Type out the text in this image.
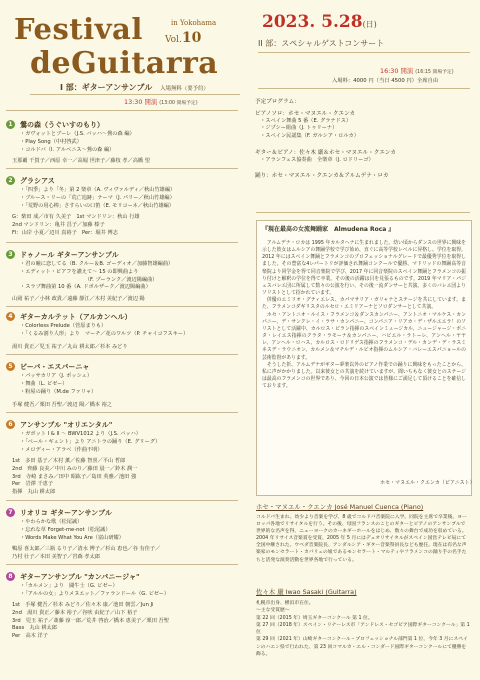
Festival
deGuitarra
in Yokohama
Vol.10
2023. 5.28(日)
II 部：スペシャルゲストコンサート
16:30 開演 (16:15 開場予定)
入場料：4000 円（当日 4500 円）全席自由
I 部：ギターアンサンブル　 入場無料（要予約）
13:30 開演 (13:00 開場予定)
1	鶯の森（うぐいすのもり）
・ガヴォットとブーレ（J.S. バッハ～鶯の森 編）
・Play Song（中村啓武）
・コルドバ（I. アルベニス～鶯の森 編）
玉那覇 千賀子／西原 幸一／高堀 世津子／藤枝 孝／高橋 望
2	グラシアス
・「四季」より「冬」第 2 楽章（A. ヴィヴァルディ／秋山竹雄編）
・ブルース・リーの「荒亡追跡」テーマ（J. パリー／秋山竹雄編）
・「荒野の用心棒」さすらいの口笛（E. モリコーネ／秋山竹雄編）
G：柴田 成／市有 久美子　1st マンドリン：秋山 行雄
2nd マンドリン：亀井 昌子／加藤 榛子
Fl：山岸 小夏／辺川 真裕子　Per：堀井 博志
3	ドゥノール ギターアンサンブル
・君の瞳に恋してる（B. クルー＆B. ゴーディオ／加藤智雄編曲）
・エディット・ピアフを讃えて～ 15 の即興曲より
　　　　　　　　　　　　　（F. プーランク／渡辺陽編曲）
・スラブ舞曲第 10 番（A. ドボルザーク／渡辺陽編曲）
山岡 祐子／小林 政貴／遠藤 靜江／木村 美紀子／渡辺 陽
4	ギターカルテット（アルカンヘル）
・Colorless Prelude（菅原まりも）
・「くるみ割り人形」より　マーチ／花のワルツ（P. チャイコフスキー）
湯川 貴正／児玉 祐子／丸山 耕太郎／杉本 みどり
5	ビーバ・エスパーニャ
・パッサカリア（J. ポッシュ）
・舞曲（L. ピゼー）
・粉屋の踊り（M.de ファリャ）
手塚 健吾／栗田 吾聖／渡辺 陽／橋本 裕之
6	アンサンブル "オリエンタル"
・ガボット I & II ～ BWV1012 より（J.S. バッハ）
・「ペール・ギュント」より アニトラの踊り（E. グリーグ）
・メロディー・アラベ（作曲不明）
1st　多田 基子／木村 薫／佐藤 智喜／平山 哲郎
2nd　齊藤 良美／中川 みのり／藤田 晨一／鈴木 潤一
3rd　寺崎 まさみ／田中 昭紘子／島田 英雅／池田 強
Per　岩澤 千恵子
指揮　丸山 耕太郎
7	リオリコ ギターアンサンブル
・やわらかな歌（松尾誠）
・忘れな草 Forget-me-not（松尾誠）
・Words Make What You Are（富山研耀）
鴨原 喜太郎／三瓶 るり子／清水 博子／杉山 恵也／谷 有佳子／
乃村 壮子／本田 美智子／宮森 孝太郎
8	ギターアンサンブル "カンパニージャ"
・「カルメン」より　闘牛士（G. ビゼー）
・「アルルの女」よりメヌエット／ファランドール（G. ビゼー）
1st　手塚 健吾／杉本 みどり／佐々木 康／池田 朝雲／Jun Ji
2nd　湯川 貴正／藤本 裕子／谷吠 由紀子／山下 裕子
3rd　児玉 祐子／斎藤 淳一郎／荒井 啓治／橋本 恵美子／栗田 吾聖
Bass　丸山 耕太郎
Per　高木 洋子
予定プログラム：
ピアノソロ：ホセ・マヌエル・クエンカ
　・スペイン舞曲 5 番（E. グラナドス）
　・ジプシー組曲（J. トゥリーナ）
　・スペイン民謡集（F. ガルシア・ロルカ）
ギター＆ピアノ：佐々木 嚴＆ホセ・マヌエル・クエンカ
　・アランフェス協奏曲　全楽章（J. ロドリーゴ）
踊り：ホセ・マヌエル・クエンカ＆アルムデナ・ロカ
『現在最高の女流舞踊家　Almudena Roca 』
　アルムデナ・ロカは 1995 年カルタヘナに生まれました。幼い頃からダンスの世界に興味を示した彼女はムルシアの舞踊学校で学び始め、直ぐに高等学校レベルに昇格し、学位を取得。2012 年にはスペイン舞踊とフラメンコのプロフェッショナルグレードで最優秀学位を取得しました。その豊富な4レパートリが評価され舞踊コンクールで優勝、マドリッドの舞踊高等音楽院より同学金を得て同音楽院で学び、2017 年に同音楽院のスペイン舞踊とフラメンコの振り付けと解釈の学位を得て卒業。その後の活躍は目を見張るものです。2019 年マリア・パジェスバレエ団に所属して数々の公演を行い、その後一流ダンサーと共演、多くのバレエ団よりソリストとして招かれています。
　併優のエミリオ・グティエレス、カパマサリア・ガリャナとステージを共にしています。また、フラメンコダギリスタのルセロ・エミリアーナとソロダンサーとして共演。
　ホセ・アントニオ・ルイス・フラメンコ＆ダンスカンパニー、アントニオ・マルケス・カンパニー、デ・サンクレ・イ・ラサ・カンパニー、コンパニア・リアカ・デ・ザルエエラ！のソリストとして活躍中、カルロス・ビラン指揮のスペインミュージカル、ニュージャージ・ボニタ・レイエス指揮のクラタ・ラモーナ＆カンパニー、ハビエル・ラトーレ、アンヘル・ヤヤレ、アンヘル・ロハス、カルロス・ロドリゲス指揮のフラメンコ・デル・カンデ・デ・ラスミネスデ・ラウニオン、カルメン＆マチルデ・ルビオ指揮のムルシア・バレーエスパニョールの芸術監督があります。
　そうした折、アルムデナがギター夢楽以外のピアノ作業での踊りに興味をもったことから、私に声がかかりました。以来彼女との共演を続けていますが、聞いちもなく彼女とのステージは最高のフラメンコの世界であり、今回の日本公演では皆様にご満足して頂けることを確信しております。
ホセ・マヌエル・クエンカ（ピアニスト）
ホセ・マヌエル・クエンカ José Manuel Cuenca (Piano)
コルドバ生まれ。幼少より音楽を学び、8 歳でコルドバ音楽院に入学。同院を主席で卒業後、ヨーロッパ各地でリサイタルを行う。その後、母国フランスのことのギターとピアノのアンサンブルで世界的な名声を得、ニューヨークのカーネギーホールをはじめ、数々の舞台で成功を収めている。2004 年リサイス音楽賞を受賞、2005 年 5 月にはデュオリサイタルがスペイン国営テレビ局にて全国中継された。ウベダ音楽院長、アンダルシア・ギター音楽祭員長なども歴任。現在は有名な声楽家のモンセラート・カバリェの娘であるモンセラート・マルティやフラメンコの踊り手の名手たちと活発な演奏活動を世界各地で行っている。
佐々木 嚴 Iwao Sasaki (Guitarra)
札幌市出身、横浜市在住。
〜主な受賞歴〜
第 22 回（2015 年）埼玉ギターコンクール 第 1 位。
第 27 回（2018 年）スペイン・リナーレス市「アンドレス・セゴビア国際ギターコンクール」第 1 位
第 29 回（2021 年）山崎ギターコンクール・プロフェッショナル部門第 1 位、今年 3 月にスペインのハエン県で行われた、第 23 回コマルカ・エル・コンダード国際ギターコンクールにて優勝を飾る。
